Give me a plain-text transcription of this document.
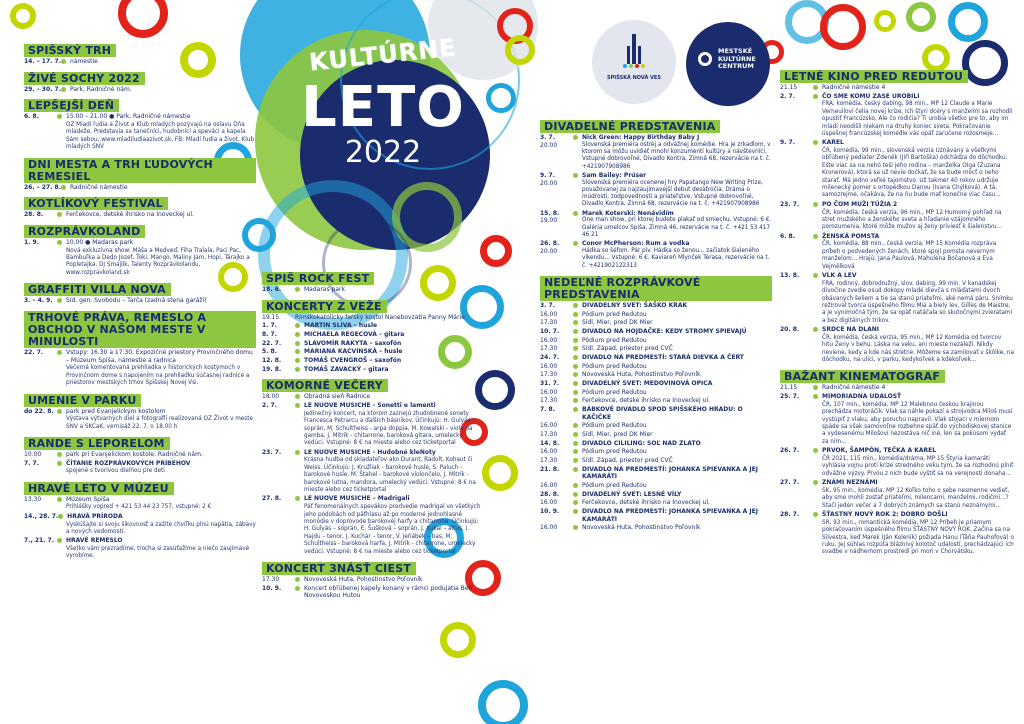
KULTÚRNE
LETO
2022
SPIŠSKÁ NOVÁ VES
MESTSKÉ
KULTÚRNE
CENTRUM
SPIŠSKÝ TRH
14. – 17. 7. námestie
ŽIVÉ SOCHY 2022
29. – 30. 7. Park, Radničné nám.
LEPŠEJŠÍ DEŇ
6. 8.	15.00 – 21.00 ● Park, Radničné námestie
OZ Miadí ľudia a Život a Klub mladých pozývajú na oslavu Dňa mladeže. Predstavia sa tanečníci, hudobníci a speváci a kapela Sám sebou, www.mladiludiaazivot.sk, FB: Mladí ľudia a život, Klub mladých SNV
DNI MESTA A TRH ĽUDOVÝCH REMESIEL
26. – 27. 8. Radničné námestie
KOTLÍKOVÝ FESTIVAL
28. 8.	Ferčekovce, detské ihrisko na Inoveckej ul.
ROZPRÁVKOLAND
1. 9.	10.00 ● Madaras park
Nová exkluzívna show: Máša a Medveď, Fiha Tralala, Paci Pac, Bambuľka a Dedo Jozef, Ťoki, Mango, Maliny Jam, Hopi, Tárajko a Popletajka, DJ Smajlík, Talenty Rozprávkolandu, www.rozpravkoland.sk
GRAFFITI VILLA NOVA
3. – 4. 9.	Síd. gen. Svobodu – Tarča (zadná stena garáží)
TRHOVÉ PRÁVA, REMESLO A OBCHOD V NAŠOM MESTE V MINULOSTI
22. 7.	Vstupy: 16.30 a 17.30, Expozičné priestory Provinčného domu – Múzeum Spiša, námestie a radnica
Večerná komentovaná prehliadka v historických kostýmoch v Provinčnom dome s napojením na prehliadku súčasnej radnice a priestorov mestských trhov Spišskej Novej Vsi.
UMENIE V PARKU
do 22. 8.	park pred Evanjelickým kostolom
Výstava výtvarných diel a fotografií realizovaná OZ Život v meste SNV a SKCaK, vernisáž 22. 7. o 18.00 h
RANDE S LEPORELOM
10.00	park pri Evanjelickom kostole, Radničné nám.
7. 7.	ČÍTANIE ROZPRÁVKOVÝCH PRÍBEHOV
spojené s tvorivou dielňou pre deti
HRAVÉ LETO V MÚZEU
13.30	Múzeum Spiša
Prihlášky vopred + 421 53 44 23 757, vstupné: 2 €
14., 28. 7. HRAVÁ PRÍRODA
Vyskúšajte si svoju šikovnosť a zažite chvíľku plnú napätia, zábavy a nových vedomostí.
7., 21. 7.	HRAVÉ REMESLO
Všetko vám prezradíme, trocha si zasúťažíme a niečo zaujímavé vyrobíme.
SPIŠ ROCK FEST
18. 6.	Madaras park
KONCERTY Z VEŽE
19.15	Rímskokatolícky farský kostol Nanebovzatia Panny Márie
1. 7.	MARTIN SLIVA – husle
8. 7.	MICHAELA REGECOVÁ – gitara
22. 7.	SLAVOMÍR RAKYTA – saxofón
5. 8.	MARIANA KACVINSKÁ – husle
12. 8.	TOMÁŠ CVENGROŠ – saxofón
19. 8.	TOMÁŠ ZAVACKÝ – gitara
KOMORNÉ VEČERY
18.00	Obradná sieň Radnice
2. 7.	LE NUOVE MUSICHE - Sonetti e lamenti
Jedinečný koncert, na ktorom zaznejú zhudobnené sonety Francesca Petrarcu a ďalších básnikov. Účinkujú: H. Gulyás – soprán, M. Schultheiss - arpa doppia, M. Kowalski - viola da gamba, J. Mitrík - chitarrone, baroková gitara, umelecký vedúci. Vstupné: 8 € na mieste alebo cez ticketportal
23. 7.	LE NUOVE MUSICHE - Hudobné kleNoty
Krásna hudba od skladateľov ako Durant, Radolt, Kohaut či Weiss. Účinkujú: J. Kružliak - barokové husle, S. Paluch - barokové husle, M. Štahel - barokové violončelo, J. Mitrík - barokové lutna, mandora, umelecký vedúci. Vstupné: 8 € na mieste alebo cez ticketportal
27. 8.	LE NUOVE MUSICHE – Madrigali
Päť fenomenálnych spevákov predvedie madrigal vo všetkých jeho podobách od päťhlasu až po moderné jednohlasné monódie v doprovode barokovej harfy a chitarrone. Účinkujú: H. Gulyás – soprán, E. Šušková – soprán, J. Kukal – altus, I. Hajdu – tenor, J. Kuchár – tenor, V. Jeňábek – bas, M. Schultheiss - baroková harfa, J. Mitrík - chitarrone, umelecký vedúci. Vstupné: 8 € na mieste alebo cez ticketportal
KONCERT 3NÁSŤ CIEST
17.30	Novoveská Huta, Pohostinstvo Poľovník
10. 9.	Koncert obľúbenej kapely konaný v rámci podujatia Beh Novoveskou Hutou
DIVADELNÉ PREDSTAVENIA
3. 7.
20.00
Nick Green: Happy Birthday Baby J
Slovenská premiéra ostrej a odvážnej komédie. Hra je zrkadlom, v ktorom sa môžu uvidieť mnohí konzumenti kultúry a návštevníci. Vstupné dobrovoľné, Divadlo Kontra, Zimná 68, rezervácie na t. č. +421907908986
9. 7.
20.00
Sam Bailey: Prúser
Slovenská premiéra ocenenej hry Papatango New Writing Prize, považovanej za najzaujímavejší debut desaťročia. Dráma o múdrosti, zodpovednosti a priateľstve. Vstupné dobrovoľné, Divadlo Kontra, Zimná 68, rezervácie na t. č. +421907908986
15. 8.
19.00
Marek Koterski: Nenávidím
One man show, pri ktorej budete plakať od smiechu. Vstupné: 6 €. Galéria umelcov Spiša, Zimná 46, rezervácie na t. č. +421 53 417 46 21
26. 8.
20.00
Conor McPherson: Rum a vodka
Hádka so šéfom. Pár pív. Hádka so ženou... začiatok šialeného víkendu... Vstupné: 6 €. Kaviareň Mlynček Terasa, rezervácie na t. č. +421902122313
NEDEĽNÉ ROZPRÁVKOVÉ PREDSTAVENIA
3. 7.	DIVADELNÝ SVET: ŠAŠKO KRAK
16.00	Pódium pred Redutou
17.30	Sídl. Mier, pred DK Mier
10. 7.	DIVADLO NA HOJDAČKE: KEDY STROMY SPIEVAJÚ
16.00	Pódium pred Redutou
17.30	Sídl. Západ, priestor pred CVČ
24. 7.	DIVADLO NA PREDMESTÍ: STARÁ DIEVKA A ČERT
16.00	Pódium pred Redutou
17.30	Novoveská Huta, Pohostinstvo Poľovník
31. 7.	DIVADELNÝ SVET: MEDOVINOVÁ OPICA
16.00	Pódium pred Redutou
17.30	Ferčekovce, detské ihrisko na Inoveckej ul.
7. 8.	BÁBKOVÉ DIVADLO SPOD SPIŠSKÉHO HRADU: O KAČIČKE
16.00	Pódium pred Redutou
17.30	Sídl. Mier, pred DK Mier
14. 8.	DIVADLO CILILING: SOĽ NAD ZLATO
16.00	Pódium pred Redutou
17.30	Sídl. Západ, priestor pred CVČ
21. 8.	DIVADLO NA PREDMESTÍ: JOHANKA SPIEVANKA A JEJ KAMARÁTI
16.00	Pódium pred Redutou
28. 8.	DIVADELNÝ SVET: LESNÉ VÍLY
16.00	Ferčekovce, detské ihrisko na Inoveckej ul.
10. 9.	DIVADLO NA PREDMESTÍ: JOHANKA SPIEVANKA A JEJ KAMARÁTI
16.00	Novoveská Huta, Pohostinstvo Poľovník
LETNÉ KINO PRED REDUTOU
21.15	Radničné námestie 4
2. 7.	ČO SME KOMU ZASE UROBILI
FRA, komédia, český dabing, 98 min., MP 12 Claude a Marie Verneuilovi čelia novej kríze. Ich štyri dcéry s manželmi sa rozhodli opustiť Francúzsko. Ale čo rodičia? Ti urobia všetko pre to, aby im mladí neodišli niekam na druhý koniec sveta. Pokračovanie úspešnej francúzskej komédie vás opäť zaručene rozosmeje...
9. 7.	KAREL
ČR, komédia, 99 min., slovenská verzia Uznávaný a všetkými obľúbený pediater Zdeněk (Jiří Bartoška) odchádza do dôchodku. Ešte viac sa na neho teší jeho rodina – manželka Olga (Zuzana Kronerová), ktorá sa už nevie dočkať, že sa bude môcť o neho starať. Má jedno veľké tajomstvo. Už takmer 40 rokov udržuje milenecký pomer s ortopédkou Danou (Ivana Chýlková). A tá, samozrejme, očakáva, že na ňu bude mať konečne viac času...
23. 7.	PO ČOM MUŽI TÚŽIA 2
ČR, komédia, česká verzia, 96 min., MP 12 Humorný pohľad na stret mužského a ženského sveta a hľadanie vzájomného porozumenia, ktoré môže mužov aj ženy priviesť k šialenstvu...
6. 8.	ŽENSKÁ POMSTA
ČR, komédia, 88 min., česká verzia, MP 15 Komédia rozpráva príbeh o podvedených ženách, ktoré spojí pomsta neverným manželom... Hrajú: Jana Paulová, Mahulena Bočanová a Eva Vejmělková
13. 8.	VLK A LEV
FRA, rodinný, dobrodružný, slov. dabing, 99 min. V kanadskej divočine zvedie osud dokopy mladé dievča s mláďatami dvoch obávaných šeliem a tie sa stanú priateľmi, aké nemá páru. Snímku režíroval tvorca úspešného filmu Mia a biely lev, Gilles de Maistre, a je vynimočná tým, že sa opäť natáčala so skutočnými zvieratami a bez digitálnych trikov.
20. 8.	SRDCE NA DLANI
ČR, komédia, česká verzia, 95 min., MP 12 Komédia od tvorcov hitu Ženy v behu. Láska na veku, ani mieste nezáleží. Nikdy neviene, kedy a kde nás stretne. Môžeme sa zamilovať v škôlke, na dôchodku, na ulici, v parku, kedykoľvek a kdekoľvek...
BAŽANT KINEMATOGRAF
21.15	Radničné námestie 4
25. 7.	MIMORIADNA UDALOSŤ
ČR, 107 min., komédia, MP 12 Malebnou českou krajinou prechádza motoráčik. Vlak sa náhle pokazí a strojvodca Miloš musí vystúpiť z vlaku, aby poruchu napravil. Vlak stojaci v miernom spáde sa však samovoľne rozbehne späť do východiskovej stanice a vydesenému Milošovi nezostáva nič iné, len sa pokúsom vydať za ním...
26. 7.	PRVOK, ŠAMPÓN, TEČKA A KAREL
ČR 2021, 115 min., komédia/dráma, MP 15 Štyria kamaráti vyhlásia vojnu proti kríze stredného veku tým, že sa rozhodnú plniť odvážne výzvy. Prvou z nich bude vyštiť sa na verejnosti donaha...
27. 7.	ZNÁMI NEZNÁMI
SK, 95 min., komédia, MP 12 Koľko toho o sebe nesmenne vedieť, aby sme mohli zostať priateľmi, milencami, manželmi, rodičmi...? Stačí jeden večer a 7 dobrých známych sa stanú neznámymi...
28. 7.	ŠŤASTNÝ NOVÝ ROK 2: DOBRO DOŠLI
SR, 93 min., romantická komédia, MP 12 Príbeh je priamym pokračovaním úspešného filmu ŠŤASTNÝ NOVÝ ROK. Začína sa na Silvestra, keď Marek (Ján Koleník) požiada Hanu (Táňa Pauhofová) o ruku. Jej súhlas rozpúta bláznivý kolotoč udalostí, prechádzajúci ich svadbe v nádhernom prostredí pri mori v Chorvátsku.
